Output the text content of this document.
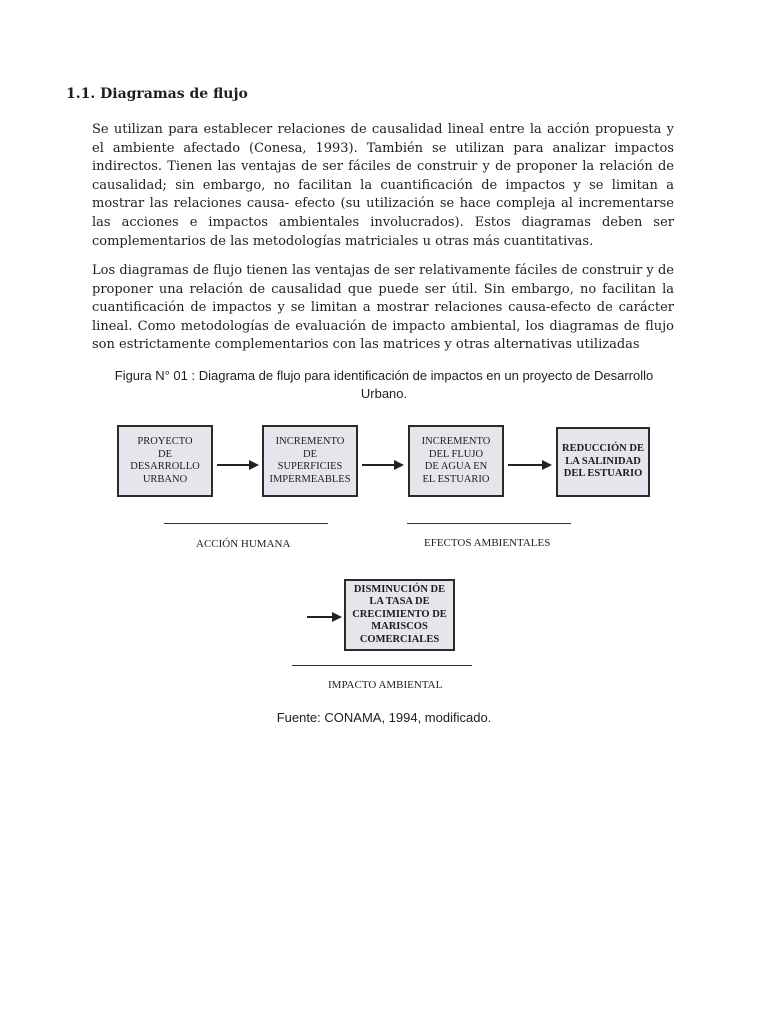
1.1. Diagramas de flujo

Se utilizan para establecer relaciones de causalidad lineal entre la acción propuesta y el ambiente afectado (Conesa, 1993). También se utilizan para analizar impactos indirectos. Tienen las ventajas de ser fáciles de construir y de proponer la relación de causalidad; sin embargo, no facilitan la cuantificación de impactos y se limitan a mostrar las relaciones causa- efecto (su utilización se hace compleja al incrementarse las acciones e impactos ambientales involucrados). Estos diagramas deben ser complementarios de las metodologías matriciales u otras más cuantitativas.

Los diagramas de flujo tienen las ventajas de ser relativamente fáciles de construir y de proponer una relación de causalidad que puede ser útil. Sin embargo, no facilitan la cuantificación de impactos y se limitan a mostrar relaciones causa-efecto de carácter lineal. Como metodologías de evaluación de impacto ambiental, los diagramas de flujo son estrictamente complementarios con las matrices y otras alternativas utilizadas

Figura N° 01 : Diagrama de flujo para identificación de impactos en un proyecto de Desarrollo Urbano.

PROYECTO
DE
DESARROLLO
URBANO
INCREMENTO
DE
SUPERFICIES
IMPERMEABLES
INCREMENTO
DEL FLUJO
DE AGUA EN
EL ESTUARIO
REDUCCIÓN DE
LA SALINIDAD
DEL ESTUARIO
ACCIÓN HUMANA	EFECTOS AMBIENTALES
DISMINUCIÓN DE
LA TASA DE
CRECIMIENTO DE
MARISCOS
COMERCIALES
IMPACTO AMBIENTAL

Fuente: CONAMA, 1994, modificado.
